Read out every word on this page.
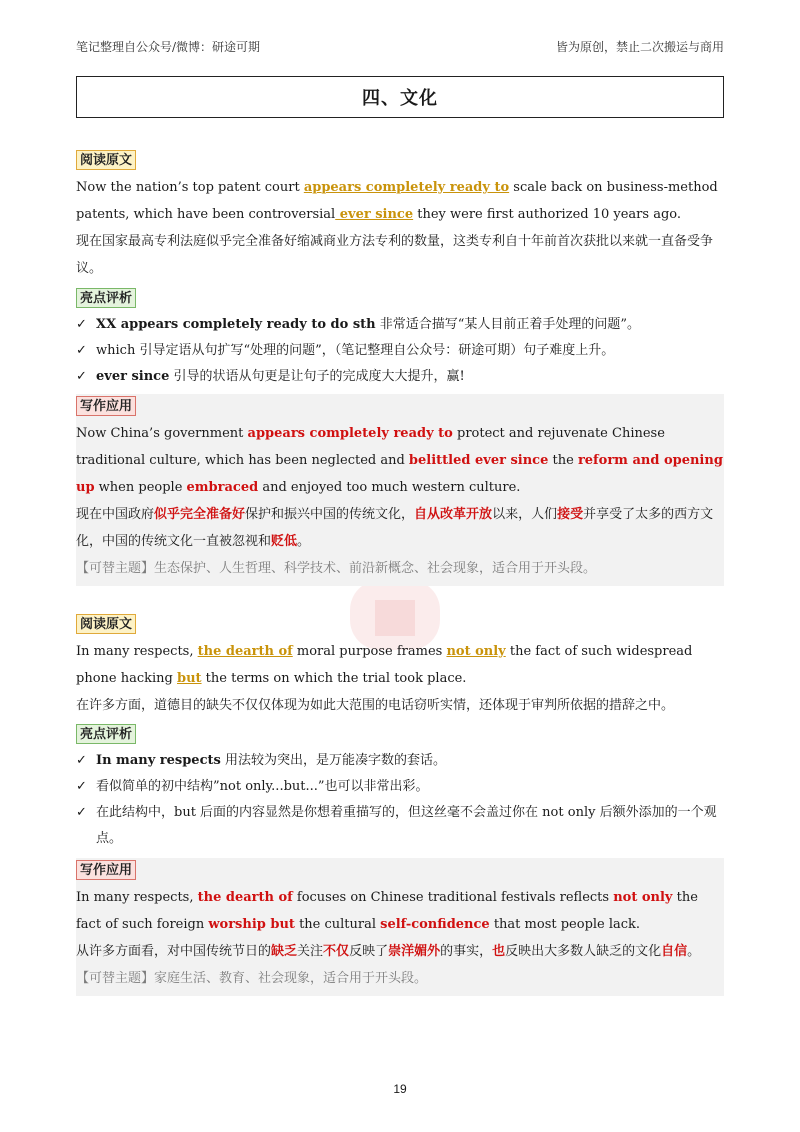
笔记整理自公众号/微博：研途可期	皆为原创，禁止二次搬运与商用
四、文化
阅读原文

Now the nation’s top patent court appears completely ready to scale back on business-method patents, which have been controversial ever since they were first authorized 10 years ago.

现在国家最高专利法庭似乎完全准备好缩减商业方法专利的数量，这类专利自十年前首次获批以来就一直备受争议。

亮点评析

✓ XX appears completely ready to do sth 非常适合描写“某人目前正着手处理的问题”。

✓ which 引导定语从句扩写“处理的问题”，（笔记整理自公众号：研途可期）句子难度上升。

✓ ever since 引导的状语从句更是让句子的完成度大大提升，赢!

写作应用

Now China’s government appears completely ready to protect and rejuvenate Chinese traditional culture, which has been neglected and belittled ever since the reform and opening up when people embraced and enjoyed too much western culture.

现在中国政府似乎完全准备好保护和振兴中国的传统文化，自从改革开放以来，人们接受并享受了太多的西方文化，中国的传统文化一直被忽视和贬低。

【可替主题】生态保护、人生哲理、科学技术、前沿新概念、社会现象，适合用于开头段。

阅读原文

In many respects, the dearth of moral purpose frames not only the fact of such widespread phone hacking but the terms on which the trial took place.

在许多方面，道德目的缺失不仅仅体现为如此大范围的电话窃听实情，还体现于审判所依据的措辞之中。

亮点评析

✓ In many respects 用法较为突出，是万能凑字数的套话。

✓ 看似简单的初中结构”not only...but...”也可以非常出彩。

✓ 在此结构中，but 后面的内容显然是你想着重描写的，但这丝毫不会盖过你在 not only 后额外添加的一个观点。

写作应用

In many respects, the dearth of focuses on Chinese traditional festivals reflects not only the fact of such foreign worship but the cultural self-confidence that most people lack.

从许多方面看，对中国传统节日的缺乏关注不仅反映了崇洋媚外的事实，也反映出大多数人缺乏的文化自信。

【可替主题】家庭生活、教育、社会现象，适合用于开头段。

19
